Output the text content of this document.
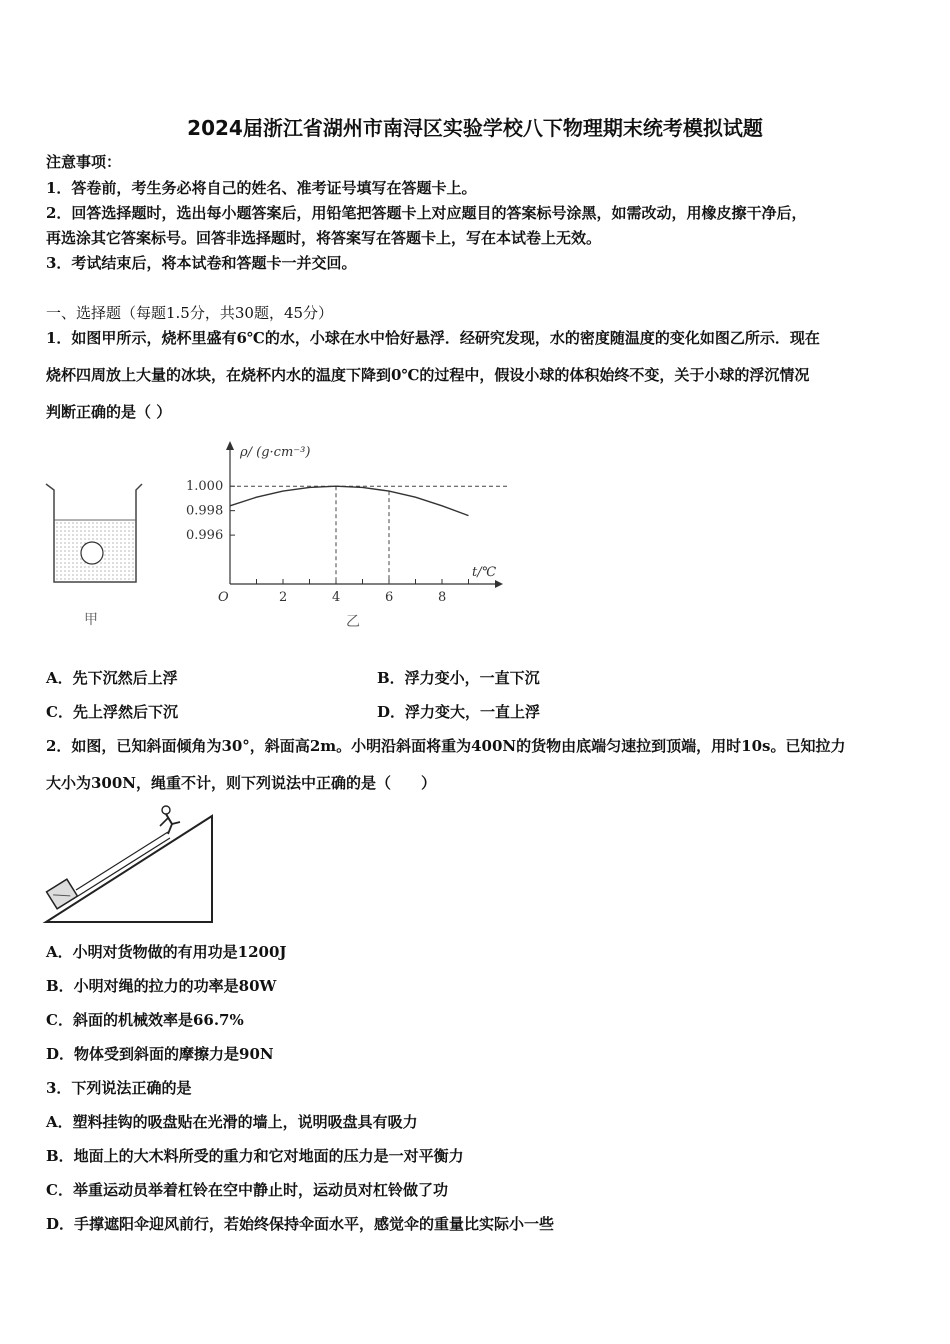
2024届浙江省湖州市南浔区实验学校八下物理期末统考模拟试题
注意事项：
1．答卷前，考生务必将自己的姓名、准考证号填写在答题卡上。
2．回答选择题时，选出每小题答案后，用铅笔把答题卡上对应题目的答案标号涂黑，如需改动，用橡皮擦干净后，
再选涂其它答案标号。回答非选择题时，将答案写在答题卡上，写在本试卷上无效。
3．考试结束后，将本试卷和答题卡一并交回。
一、选择题（每题1.5分，共30题，45分）
1．如图甲所示，烧杯里盛有6℃的水，小球在水中恰好悬浮．经研究发现，水的密度随温度的变化如图乙所示．现在
烧杯四周放上大量的冰块，在烧杯内水的温度下降到0℃的过程中，假设小球的体积始终不变，关于小球的浮沉情况
判断正确的是（ ）
甲
ρ/ (g·cm⁻³)
t/℃
O	2	4	6	8
1.000
0.998
0.996
乙
A．先下沉然后上浮	B．浮力变小，一直下沉
C．先上浮然后下沉	D．浮力变大，一直上浮
2．如图，已知斜面倾角为30°，斜面高2m。小明沿斜面将重为400N的货物由底端匀速拉到顶端，用时10s。已知拉力
大小为300N，绳重不计，则下列说法中正确的是（　　）
A．小明对货物做的有用功是1200J
B．小明对绳的拉力的功率是80W
C．斜面的机械效率是66.7%
D．物体受到斜面的摩擦力是90N
3．下列说法正确的是
A．塑料挂钩的吸盘贴在光滑的墙上，说明吸盘具有吸力
B．地面上的大木料所受的重力和它对地面的压力是一对平衡力
C．举重运动员举着杠铃在空中静止时，运动员对杠铃做了功
D．手撑遮阳伞迎风前行，若始终保持伞面水平，感觉伞的重量比实际小一些
